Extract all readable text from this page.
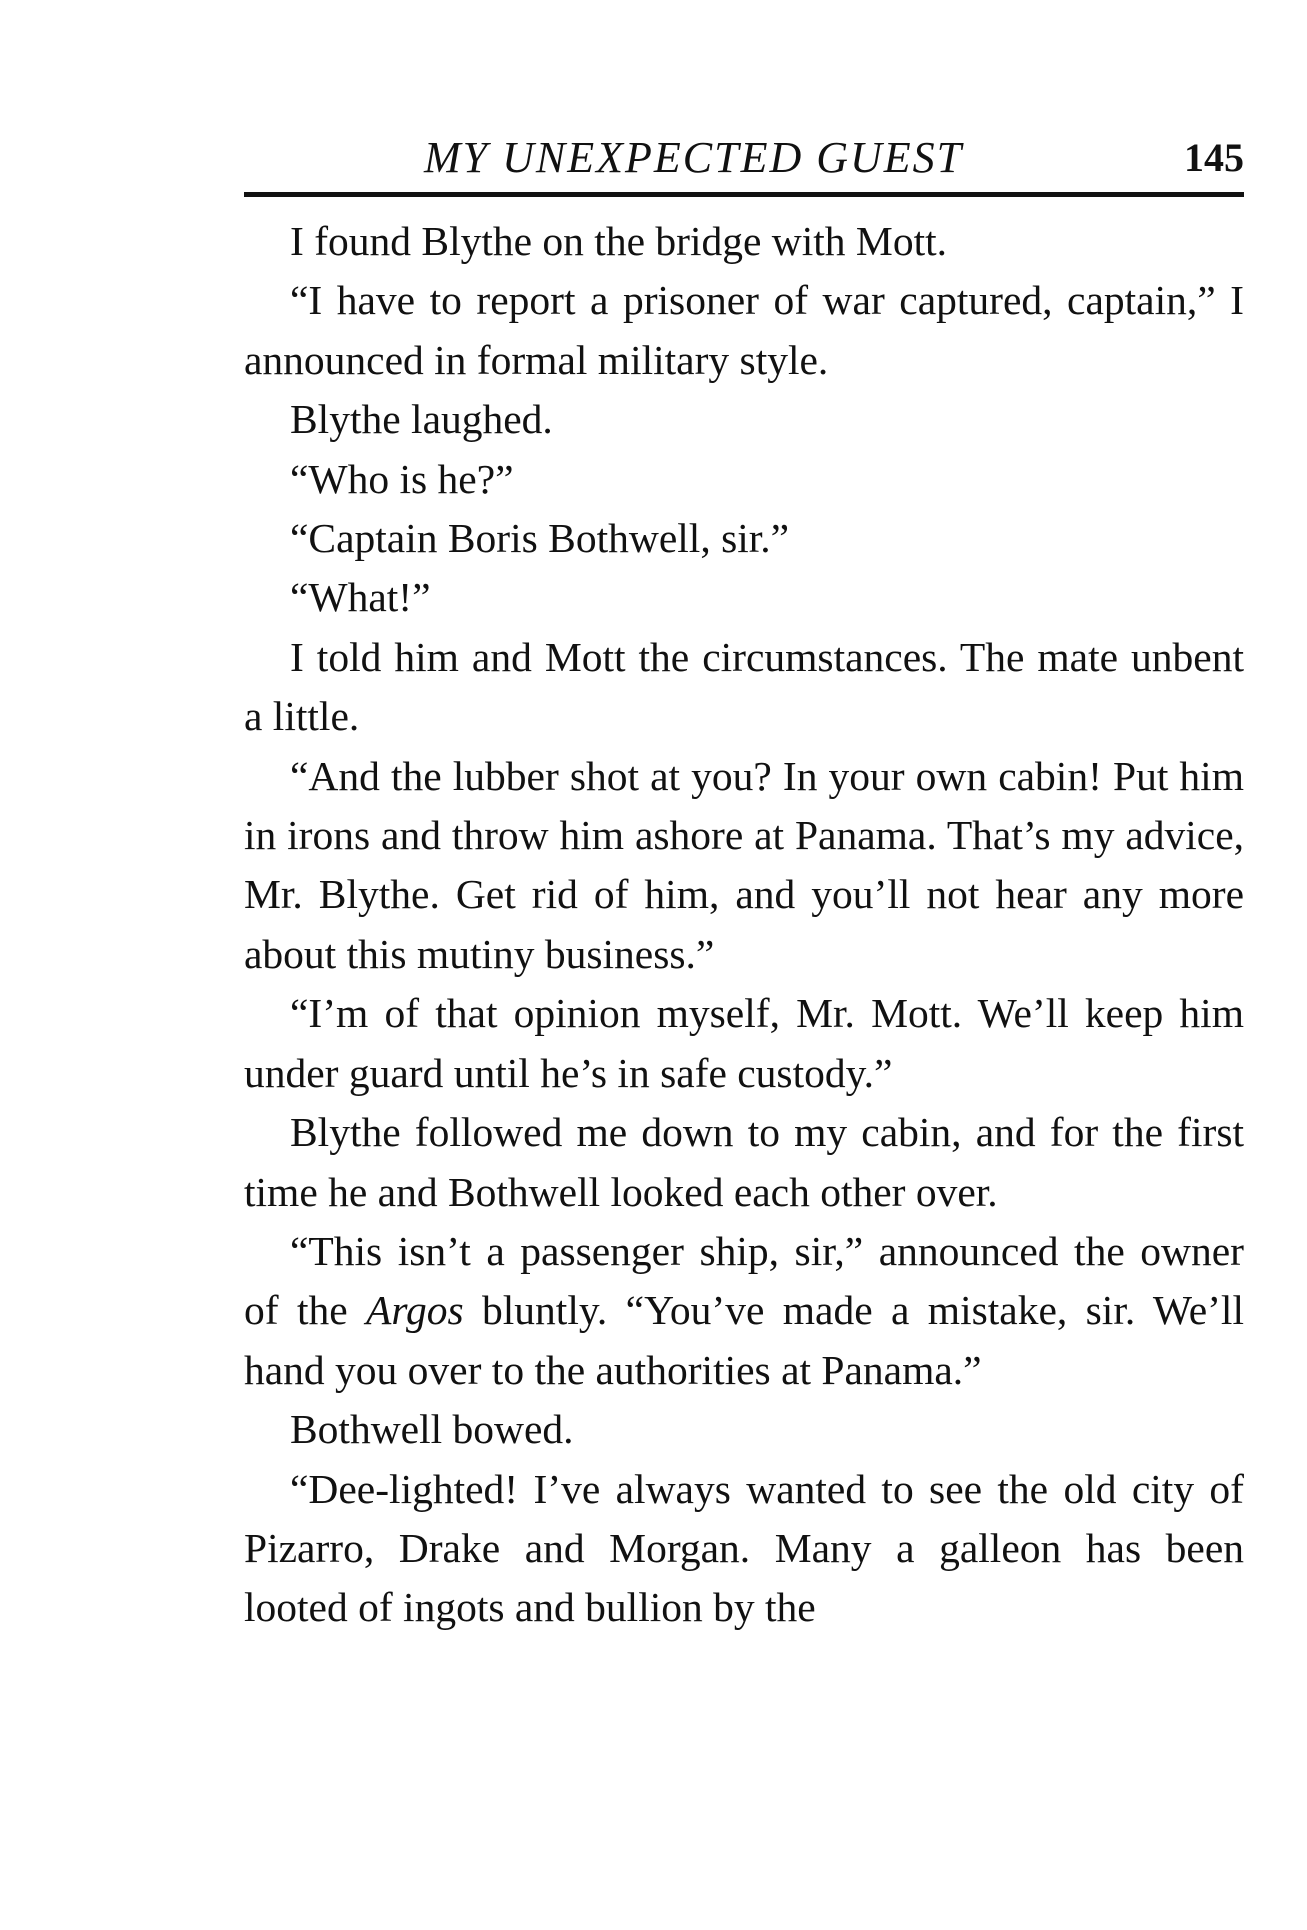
MY UNEXPECTED GUEST	145

I found Blythe on the bridge with Mott.

“I have to report a prisoner of war captured, captain,” I announced in formal military style.

Blythe laughed.

“Who is he?”

“Captain Boris Bothwell, sir.”

“What!”

I told him and Mott the circumstances. The mate unbent a little.

“And the lubber shot at you? In your own cabin! Put him in irons and throw him ashore at Panama. That’s my advice, Mr. Blythe. Get rid of him, and you’ll not hear any more about this mutiny business.”

“I’m of that opinion myself, Mr. Mott. We’ll keep him under guard until he’s in safe custody.”

Blythe followed me down to my cabin, and for the first time he and Bothwell looked each other over.

“This isn’t a passenger ship, sir,” announced the owner of the Argos bluntly. “You’ve made a mistake, sir. We’ll hand you over to the authorities at Panama.”

Bothwell bowed.

“Dee-lighted! I’ve always wanted to see the old city of Pizarro, Drake and Morgan. Many a galleon has been looted of ingots and bullion by the
